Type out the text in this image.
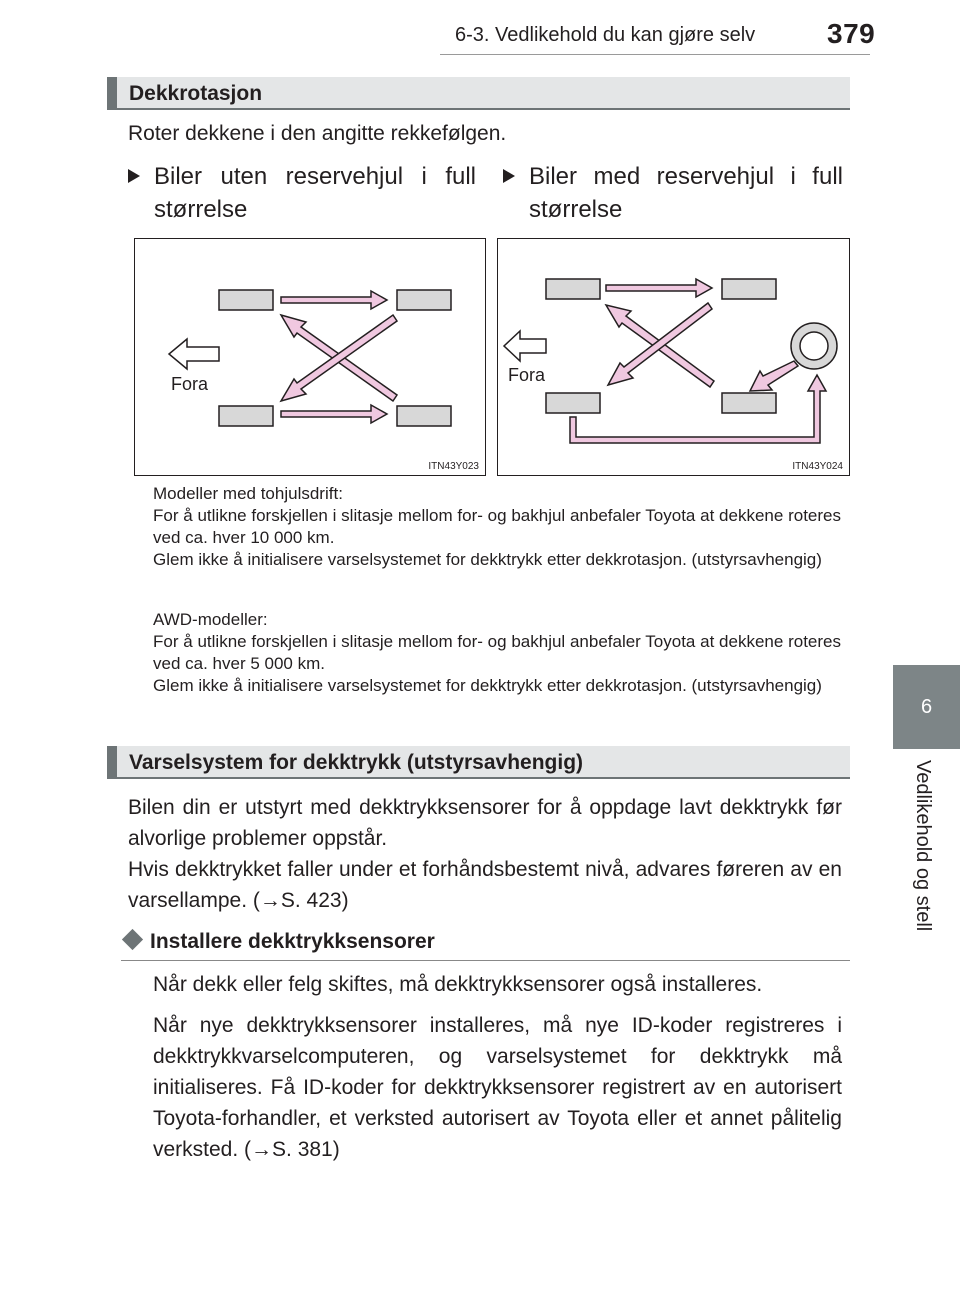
6-3. Vedlikehold du kan gjøre selv	379
6
Vedlikehold og stell
Dekkrotasjon
Roter dekkene i den angitte rekkefølgen.
Biler uten reservehjul i full størrelse
Biler med reservehjul i full størrelse
Fora
ITN43Y023
Fora
ITN43Y024
Modeller med tohjulsdrift:
For å utlikne forskjellen i slitasje mellom for- og bakhjul anbefaler Toyota at dekkene roteres ved ca. hver 10 000 km.
Glem ikke å initialisere varselsystemet for dekktrykk etter dekkrotasjon. (utstyrsavhengig)
AWD-modeller:
For å utlikne forskjellen i slitasje mellom for- og bakhjul anbefaler Toyota at dekkene roteres ved ca. hver 5 000 km.
Glem ikke å initialisere varselsystemet for dekktrykk etter dekkrotasjon. (utstyrsavhengig)
Varselsystem for dekktrykk (utstyrsavhengig)
Bilen din er utstyrt med dekktrykksensorer for å oppdage lavt dekktrykk før alvorlige problemer oppstår.
Hvis dekktrykket faller under et forhåndsbestemt nivå, advares føreren av en varsellampe. (→S. 423)
Installere dekktrykksensorer
Når dekk eller felg skiftes, må dekktrykksensorer også installeres.
Når nye dekktrykksensorer installeres, må nye ID-koder registreres i dekktrykkvarselcomputeren, og varselsystemet for dekktrykk må initialiseres. Få ID-koder for dekktrykksensorer registrert av en autorisert Toyota-forhandler, et verksted autorisert av Toyota eller et annet pålitelig verksted. (→S. 381)
